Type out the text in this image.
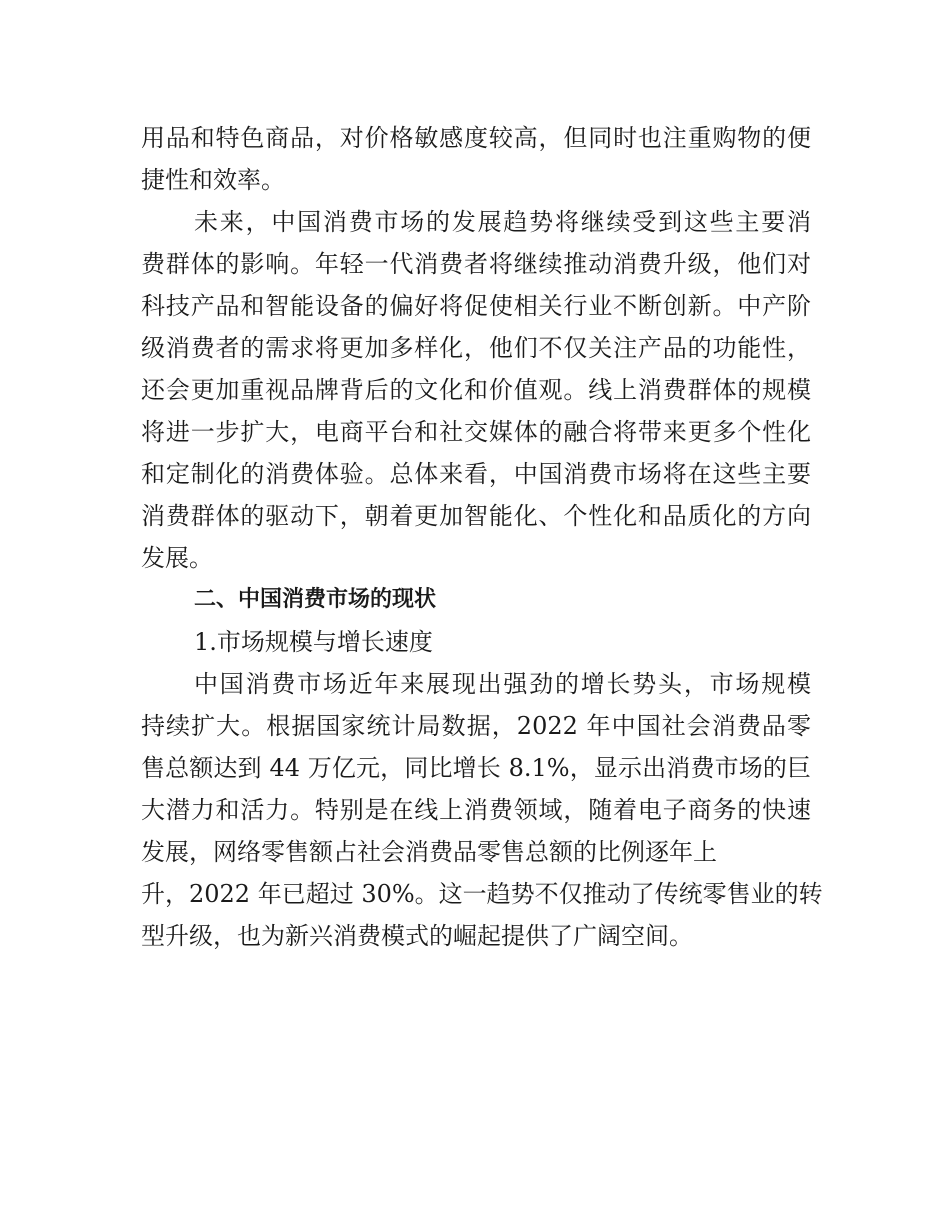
用品和特色商品，对价格敏感度较高，但同时也注重购物的便
捷性和效率。
未来，中国消费市场的发展趋势将继续受到这些主要消
费群体的影响。年轻一代消费者将继续推动消费升级，他们对
科技产品和智能设备的偏好将促使相关行业不断创新。中产阶
级消费者的需求将更加多样化，他们不仅关注产品的功能性，
还会更加重视品牌背后的文化和价值观。线上消费群体的规模
将进一步扩大，电商平台和社交媒体的融合将带来更多个性化
和定制化的消费体验。总体来看，中国消费市场将在这些主要
消费群体的驱动下，朝着更加智能化、个性化和品质化的方向
发展。
二、中国消费市场的现状
1.市场规模与增长速度
中国消费市场近年来展现出强劲的增长势头，市场规模
持续扩大。根据国家统计局数据，2022 年中国社会消费品零
售总额达到 44 万亿元，同比增长 8.1%，显示出消费市场的巨
大潜力和活力。特别是在线上消费领域，随着电子商务的快速
发展，网络零售额占社会消费品零售总额的比例逐年上
升，2022 年已超过 30%。这一趋势不仅推动了传统零售业的转
型升级，也为新兴消费模式的崛起提供了广阔空间。
